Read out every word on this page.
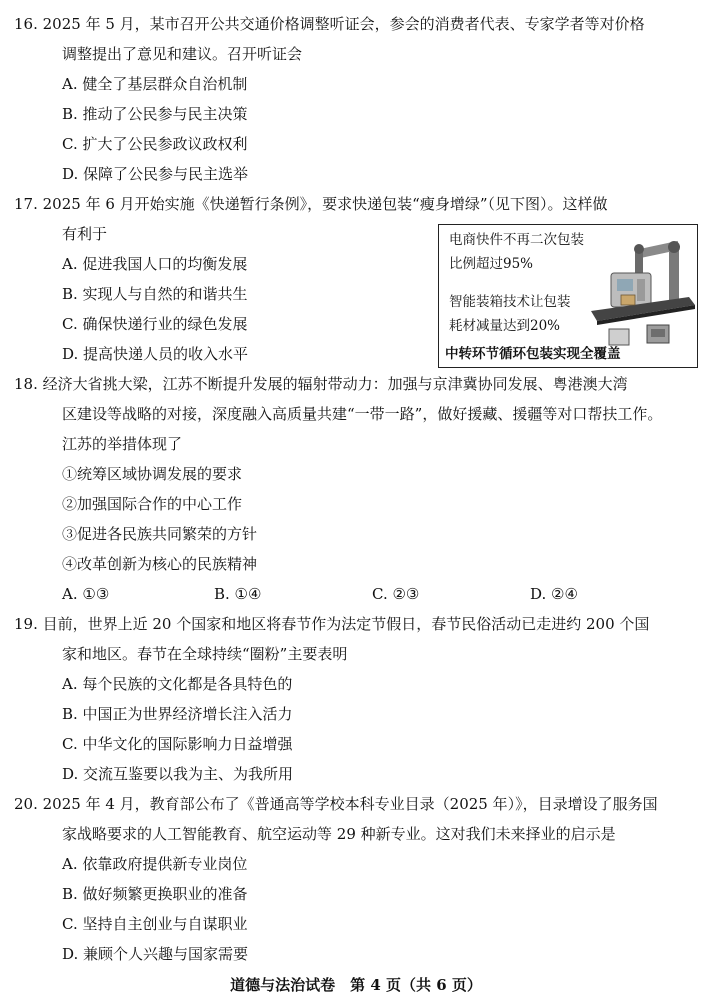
16. 2025 年 5 月，某市召开公共交通价格调整听证会，参会的消费者代表、专家学者等对价格
调整提出了意见和建议。召开听证会
A. 健全了基层群众自治机制
B. 推动了公民参与民主决策
C. 扩大了公民参政议政权利
D. 保障了公民参与民主选举
17. 2025 年 6 月开始实施《快递暂行条例》，要求快递包装“瘦身增绿”（见下图）。这样做
有利于
A. 促进我国人口的均衡发展
B. 实现人与自然的和谐共生
C. 确保快递行业的绿色发展
D. 提高快递人员的收入水平
电商快件不再二次包装
比例超过95%
智能装箱技术让包装
耗材减量达到20%
中转环节循环包装实现全覆盖
18. 经济大省挑大梁，江苏不断提升发展的辐射带动力：加强与京津冀协同发展、粤港澳大湾
区建设等战略的对接，深度融入高质量共建“一带一路”，做好援藏、援疆等对口帮扶工作。
江苏的举措体现了
①统筹区域协调发展的要求
②加强国际合作的中心工作
③促进各民族共同繁荣的方针
④改革创新为核心的民族精神
A. ①③	B. ①④	C. ②③	D. ②④
19. 目前，世界上近 20 个国家和地区将春节作为法定节假日，春节民俗活动已走进约 200 个国
家和地区。春节在全球持续“圈粉”主要表明
A. 每个民族的文化都是各具特色的
B. 中国正为世界经济增长注入活力
C. 中华文化的国际影响力日益增强
D. 交流互鉴要以我为主、为我所用
20. 2025 年 4 月，教育部公布了《普通高等学校本科专业目录（2025 年）》，目录增设了服务国
家战略要求的人工智能教育、航空运动等 29 种新专业。这对我们未来择业的启示是
A. 依靠政府提供新专业岗位
B. 做好频繁更换职业的准备
C. 坚持自主创业与自谋职业
D. 兼顾个人兴趣与国家需要
道德与法治试卷　第 4 页（共 6 页）
